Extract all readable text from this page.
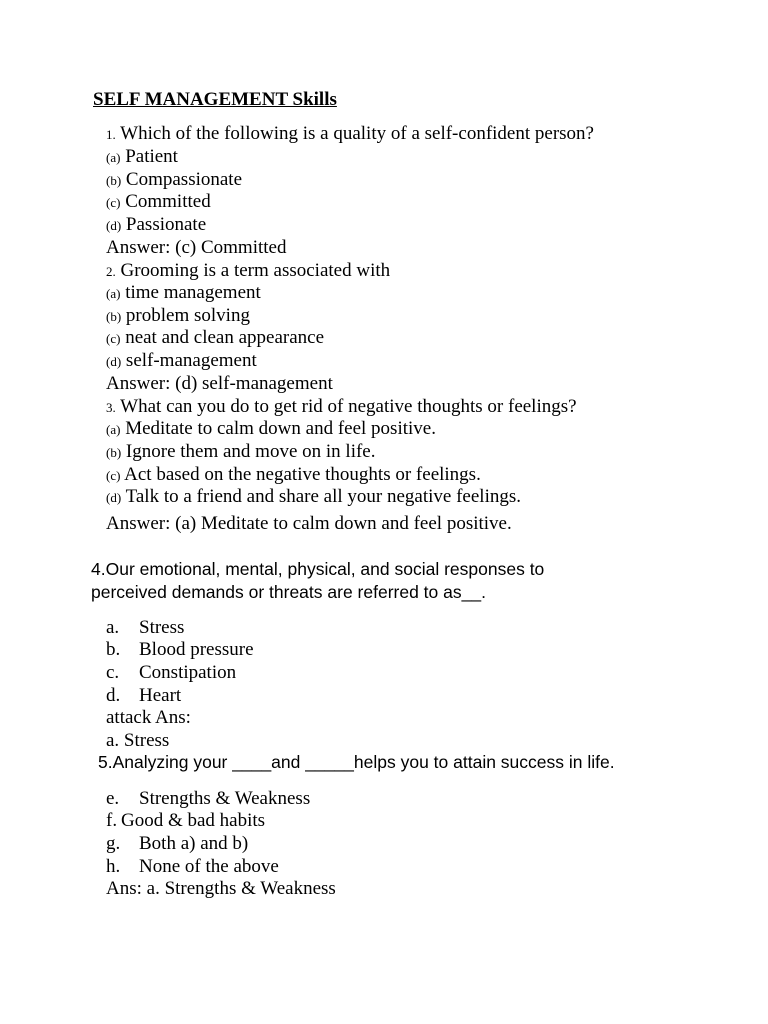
SELF MANAGEMENT Skills
1. Which of the following is a quality of a self-confident person?
(a) Patient
(b) Compassionate
(c) Committed
(d) Passionate
Answer: (c) Committed
2. Grooming is a term associated with
(a) time management
(b) problem solving
(c) neat and clean appearance
(d) self-management
Answer: (d) self-management
3. What can you do to get rid of negative thoughts or feelings?
(a) Meditate to calm down and feel positive.
(b) Ignore them and move on in life.
(c) Act based on the negative thoughts or feelings.
(d) Talk to a friend and share all your negative feelings.
Answer: (a) Meditate to calm down and feel positive.
4.Our emotional, mental, physical, and social responses to
perceived demands or threats are referred to as__.
a. Stress
b. Blood pressure
c. Constipation
d. Heart
attack Ans:
a. Stress
5.Analyzing your ____and _____helps you to attain success in life.
e. Strengths & Weakness
f. Good & bad habits
g. Both a) and b)
h. None of the above
Ans: a. Strengths & Weakness
